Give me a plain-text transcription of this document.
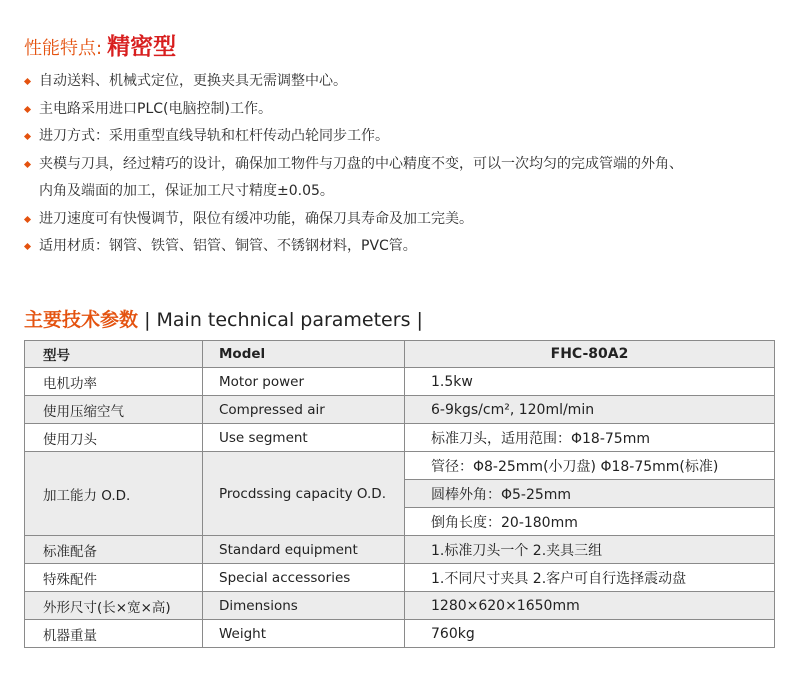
性能特点: 精密型
自动送料、机械式定位，更换夹具无需调整中心。
主电路采用进口PLC(电脑控制)工作。
进刀方式：采用重型直线导轨和杠杆传动凸轮同步工作。
夹模与刀具，经过精巧的设计，确保加工物件与刀盘的中心精度不变，可以一次均匀的完成管端的外角、
内角及端面的加工，保证加工尺寸精度±0.05。
进刀速度可有快慢调节，限位有缓冲功能，确保刀具寿命及加工完美。
适用材质：钢管、铁管、铝管、铜管、不锈钢材料，PVC管。
主要技术参数 | Main technical parameters |
型号	Model	FHC-80A2
电机功率	Motor power	1.5kw
使用压缩空气	Compressed air	6-9kgs/cm², 120ml/min
使用刀头	Use segment	标准刀头，适用范围：Φ18-75mm
加工能力 O.D.	Procdssing capacity O.D.	管径：Φ8-25mm(小刀盘) Φ18-75mm(标准)
		圆棒外角：Φ5-25mm
		倒角长度：20-180mm
标准配备	Standard equipment	1.标准刀头一个 2.夹具三组
特殊配件	Special accessories	1.不同尺寸夹具 2.客户可自行选择震动盘
外形尺寸(长×宽×高)	Dimensions	1280×620×1650mm
机器重量	Weight	760kg
